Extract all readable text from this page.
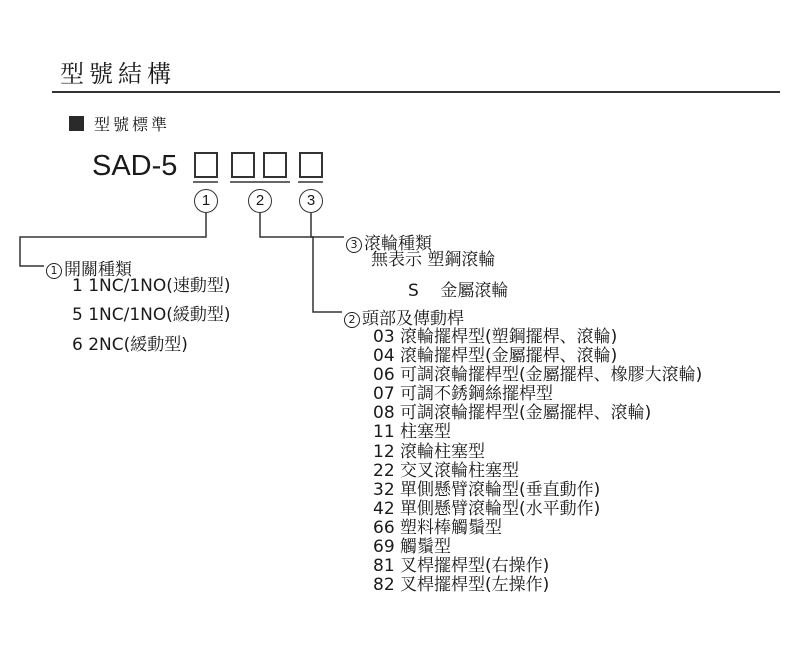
型號結構
型號標準
SAD-5
1	2	3
1 開關種類
1 1NC/1NO(速動型)
5 1NC/1NO(緩動型)
6 2NC(緩動型)
3 滾輪種類
無表示 塑鋼滾輪
S    金屬滾輪
2 頭部及傳動桿
03 滾輪擺桿型(塑鋼擺桿、滾輪)
04 滾輪擺桿型(金屬擺桿、滾輪)
06 可調滾輪擺桿型(金屬擺桿、橡膠大滾輪)
07 可調不銹鋼絲擺桿型
08 可調滾輪擺桿型(金屬擺桿、滾輪)
11 柱塞型
12 滾輪柱塞型
22 交叉滾輪柱塞型
32 單側懸臂滾輪型(垂直動作)
42 單側懸臂滾輪型(水平動作)
66 塑料棒觸鬚型
69 觸鬚型
81 叉桿擺桿型(右操作)
82 叉桿擺桿型(左操作)
